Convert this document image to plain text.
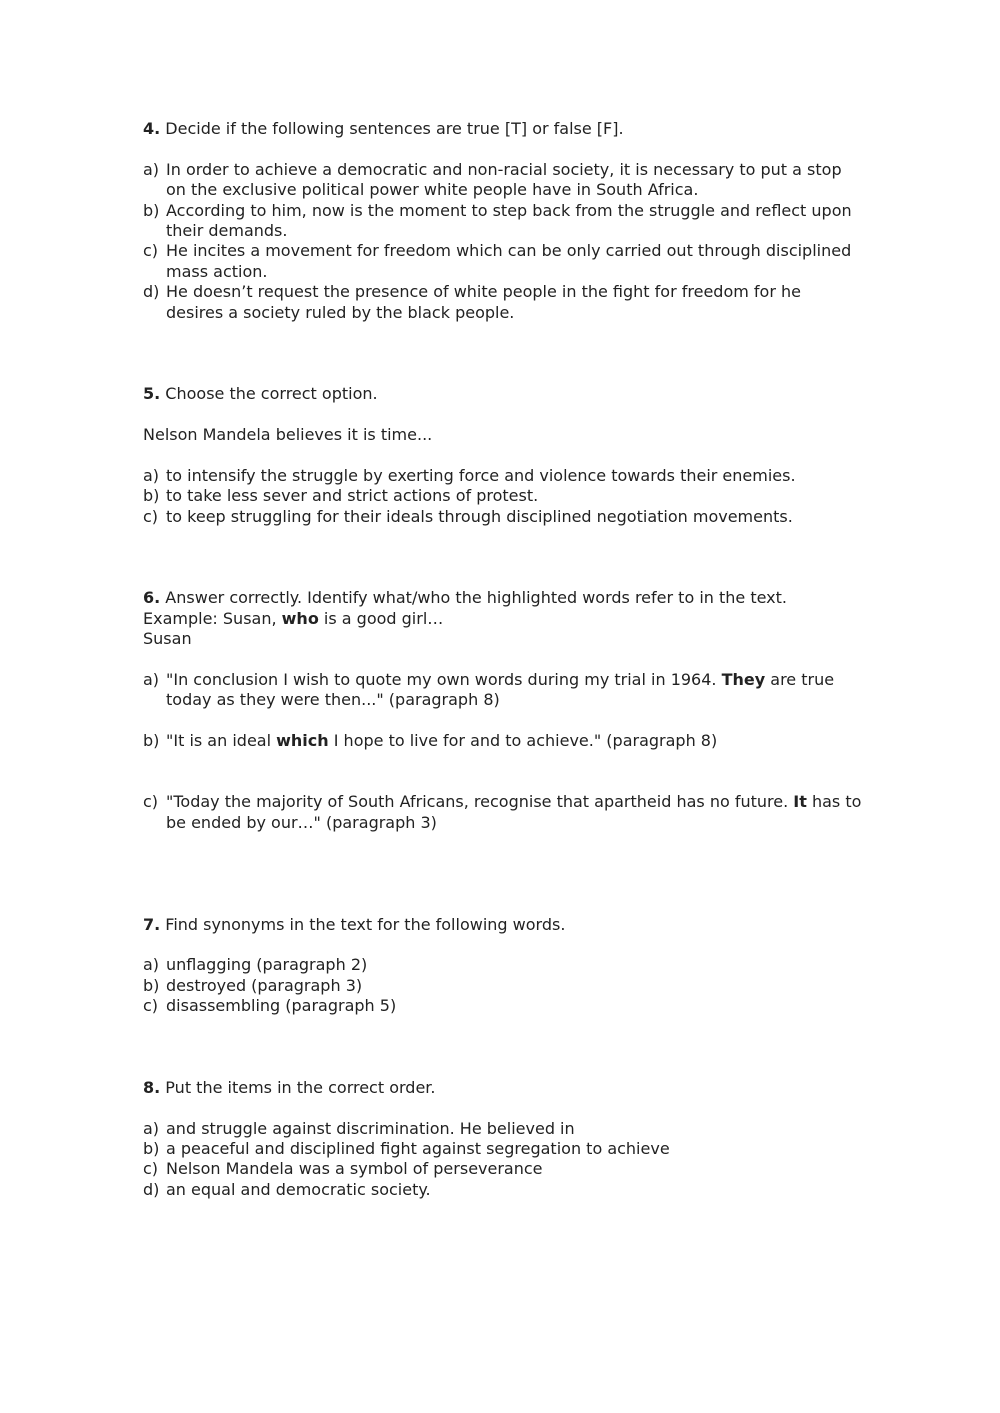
4. Decide if the following sentences are true [T] or false [F].
a) In order to achieve a democratic and non-racial society, it is necessary to put a stop on the exclusive political power white people have in South Africa.
b) According to him, now is the moment to step back from the struggle and reflect upon their demands.
c) He incites a movement for freedom which can be only carried out through disciplined mass action.
d) He doesn’t request the presence of white people in the fight for freedom for he desires a society ruled by the black people.
5. Choose the correct option.
Nelson Mandela believes it is time...
a) to intensify the struggle by exerting force and violence towards their enemies.
b) to take less sever and strict actions of protest.
c) to keep struggling for their ideals through disciplined negotiation movements.
6. Answer correctly. Identify what/who the highlighted words refer to in the text.
Example: Susan, who is a good girl…
Susan
a) "In conclusion I wish to quote my own words during my trial in 1964. They are true today as they were then..." (paragraph 8)
b) "It is an ideal which I hope to live for and to achieve." (paragraph 8)
c) "Today the majority of South Africans, recognise that apartheid has no future. It has to be ended by our…" (paragraph 3)
7. Find synonyms in the text for the following words.
a) unflagging (paragraph 2)
b) destroyed (paragraph 3)
c) disassembling (paragraph 5)
8. Put the items in the correct order.
a) and struggle against discrimination. He believed in
b) a peaceful and disciplined fight against segregation to achieve
c) Nelson Mandela was a symbol of perseverance
d) an equal and democratic society.
